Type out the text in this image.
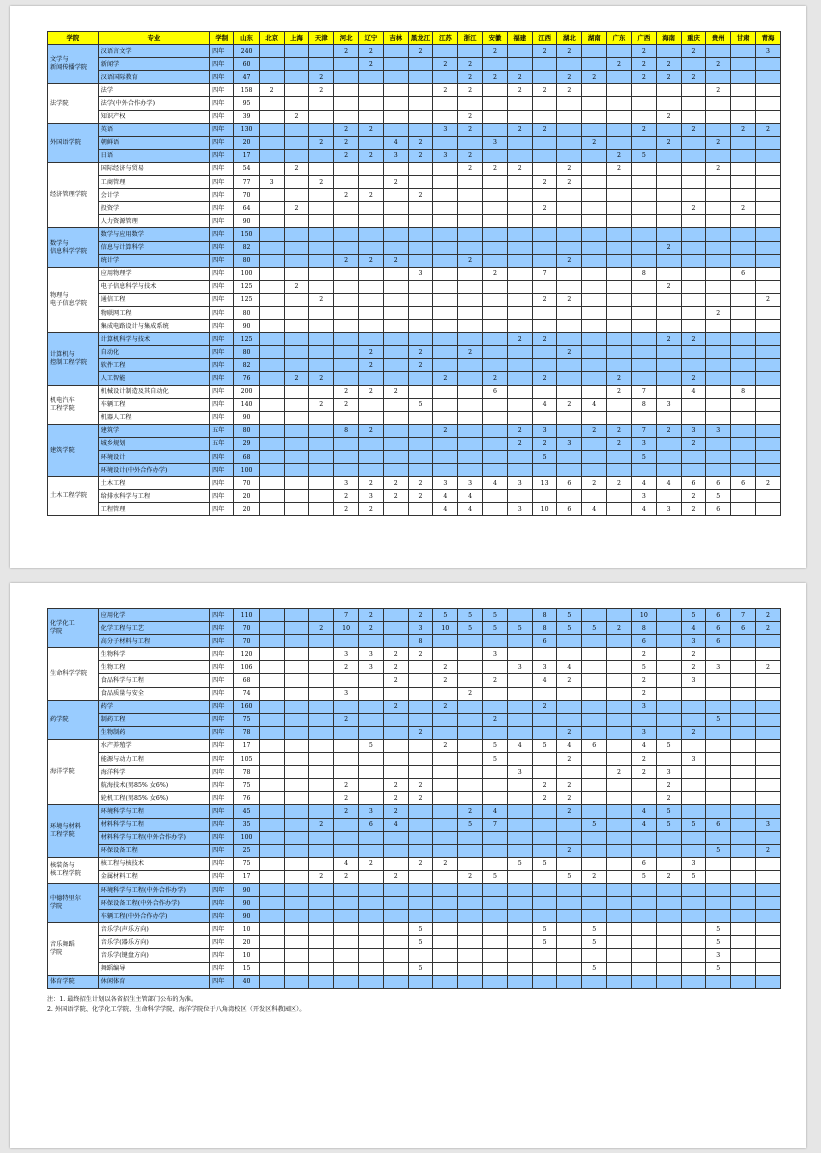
学院	专业	学制	山东	北京	上海	天津	河北	辽宁	吉林	黑龙江	江苏	浙江	安徽	福建	江西	湖北	湖南	广东	广西	海南	重庆	贵州	甘肃	青海
文学与
新闻传播学院	汉语言文学	四年	240				2	2		2			2		2	2			2		2			3
	新闻学	四年	60					2			2	2						2	2	2		2		
	汉语国际教育	四年	47			2						2	2	2		2	2		2	2	2			
法学院	法学	四年	158	2		2					2	2		2	2	2						2		
	法学(中外合作办学)	四年	95																					
	知识产权	四年	39		2							2								2				
外国语学院	英语	四年	130				2	2			3	2		2	2				2		2		2	2
	朝鲜语	四年	20			2	2		4	2			3				2			2		2		
	日语	四年	17				2	2	3	2	3	2						2	5					
经济管理学院	国际经济与贸易	四年	54		2							2	2	2		2		2				2		
	工商管理	四年	77	3		2			2						2	2								
	会计学	四年	70				2	2		2														
	投资学	四年	64		2										2						2		2	
	人力资源管理	四年	90																					
数学与
信息科学学院	数学与应用数学	四年	150																					
	信息与计算科学	四年	82																	2				
	统计学	四年	80				2	2	2			2				2								
物理与
电子信息学院	应用物理学	四年	100							3			2		7				8				6	
	电子信息科学与技术	四年	125		2															2				
	通信工程	四年	125			2									2	2								2
	物联网工程	四年	80																			2		
	集成电路设计与集成系统	四年	90																					
计算机与
控制工程学院	计算机科学与技术	四年	125											2	2					2	2			
	自动化	四年	80					2		2		2				2								
	软件工程	四年	82					2		2														
	人工智能	四年	76		2	2					2		2		2			2			2			
机电汽车
工程学院	机械设计制造及其自动化	四年	200				2	2	2				6					2	7		4		8	
	车辆工程	四年	140			2	2			5					4	2	4		8	3				
	机器人工程	四年	90																					
建筑学院	建筑学	五年	80				8	2			2			2	3		2	2	7	2	3	3		
	城乡规划	五年	29											2	2	3		2	3		2			
	环境设计	四年	68												5				5					
	环境设计(中外合作办学)	四年	100																					
土木工程学院	土木工程	四年	70				3	2	2	2	3	3	4	3	13	6	2	2	4	4	6	6	6	2
	给排水科学与工程	四年	20				2	3	2	2	4	4							3		2	5		
	工程管理	四年	20				2	2			4	4		3	10	6	4		4	3	2	6		
化学化工
学院	应用化学	四年	110				7	2		2	5	5	5		8	5			10		5	6	7	2
	化学工程与工艺	四年	70			2	10	2		3	10	5	5	5	8	5	5	2	8		4	6	6	2
	高分子材料与工程	四年	70							8					6				6		3	6		
生命科学学院	生物科学	四年	120				3	3	2	2			3						2		2			
	生物工程	四年	106				2	3	2		2			3	3	4			5		2	3		2
	食品科学与工程	四年	68						2		2		2		4	2			2		3			
	食品质量与安全	四年	74				3					2							2					
药学院	药学	四年	160						2		2				2				3					
	制药工程	四年	75				2						2									5		
	生物制药	四年	78							2						2			3		2			
海洋学院	水产养殖学	四年	17					5			2		5	4	5	4	6		4	5				
	能源与动力工程	四年	105										5			2			2		3			
	海洋科学	四年	78											3				2	2	3				
	航海技术(男85% 女6%)	四年	75				2		2	2					2	2				2				
	轮机工程(男85% 女6%)	四年	76				2		2	2					2	2				2				
环境与材料
工程学院	环境科学与工程	四年	45				2	3	2			2	4			2			4	5				
	材料科学与工程	四年	35			2		6	4			5	7				5		4	5	5	6		3
	材料科学与工程(中外合作办学)	四年	100																					
	环保设备工程	四年	25													2						5		2
核装备与
核工程学院	核工程与核技术	四年	75				4	2		2	2			5	5				6		3			
	金属材料工程	四年	17			2	2		2			2	5			5	2		5	2	5			
中德特里尔
学院	环境科学与工程(中外合作办学)	四年	90																					
	环保设备工程(中外合作办学)	四年	90																					
	车辆工程(中外合作办学)	四年	90																					
音乐舞蹈
学院	音乐学(声乐方向)	四年	10							5					5		5					5		
	音乐学(器乐方向)	四年	20							5					5		5					5		
	音乐学(键盘方向)	四年	10																			3		
	舞蹈编导	四年	15							5							5					5		
体育学院	休闲体育	四年	40																					
注：1. 最终招生计划以各省招生主管部门公布的为准。
2. 外国语学院、化学化工学院、生命科学学院、海洋学院位于八角湾校区（开发区科教园区）。
